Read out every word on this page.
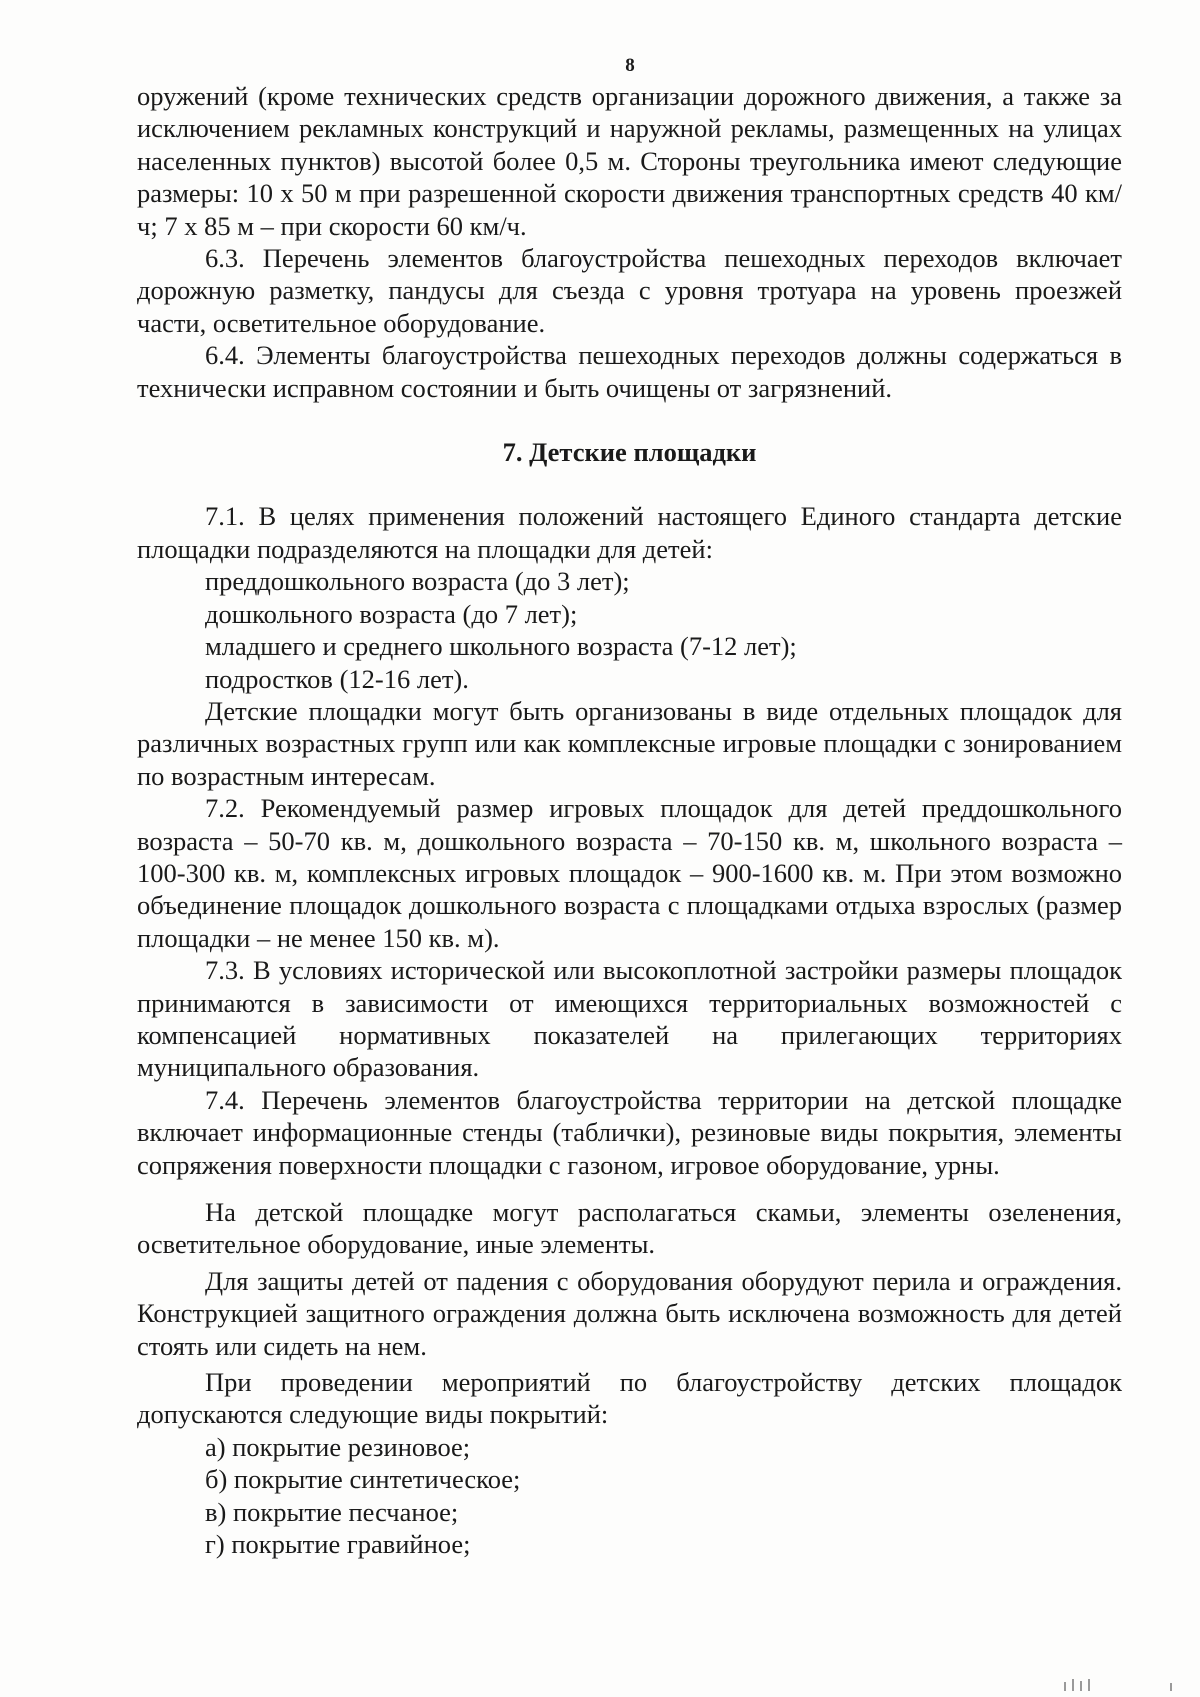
8

оружений (кроме технических средств организации дорожного движения, а также за исключением рекламных конструкций и наружной рекламы, размещенных на улицах населенных пунктов) высотой более 0,5 м. Стороны треугольника имеют следующие размеры: 10 х 50 м при разрешенной скорости движения транспортных средств 40 км/ч; 7 х 85 м – при скорости 60 км/ч.

6.3. Перечень элементов благоустройства пешеходных переходов включает дорожную разметку, пандусы для съезда с уровня тротуара на уровень проезжей части, осветительное оборудование.

6.4. Элементы благоустройства пешеходных переходов должны содержаться в технически исправном состоянии и быть очищены от загрязнений.

7. Детские площадки

7.1. В целях применения положений настоящего Единого стандарта детские площадки подразделяются на площадки для детей:

преддошкольного возраста (до 3 лет);
дошкольного возраста (до 7 лет);
младшего и среднего школьного возраста (7-12 лет);
подростков (12-16 лет).

Детские площадки могут быть организованы в виде отдельных площадок для различных возрастных групп или как комплексные игровые площадки с зонированием по возрастным интересам.

7.2. Рекомендуемый размер игровых площадок для детей преддошкольного возраста – 50-70 кв. м, дошкольного возраста – 70-150 кв. м, школьного возраста – 100-300 кв. м, комплексных игровых площадок – 900-1600 кв. м. При этом возможно объединение площадок дошкольного возраста с площадками отдыха взрослых (размер площадки – не менее 150 кв. м).

7.3. В условиях исторической или высокоплотной застройки размеры площадок принимаются в зависимости от имеющихся территориальных возможностей с компенсацией нормативных показателей на прилегающих территориях муниципального образования.

7.4. Перечень элементов благоустройства территории на детской площадке включает информационные стенды (таблички), резиновые виды покрытия, элементы сопряжения поверхности площадки с газоном, игровое оборудование, урны.

На детской площадке могут располагаться скамьи, элементы озеленения, осветительное оборудование, иные элементы.

Для защиты детей от падения с оборудования оборудуют перила и ограждения. Конструкцией защитного ограждения должна быть исключена возможность для детей стоять или сидеть на нем.

При проведении мероприятий по благоустройству детских площадок допускаются следующие виды покрытий:

а) покрытие резиновое;
б) покрытие синтетическое;
в) покрытие песчаное;
г) покрытие гравийное;
